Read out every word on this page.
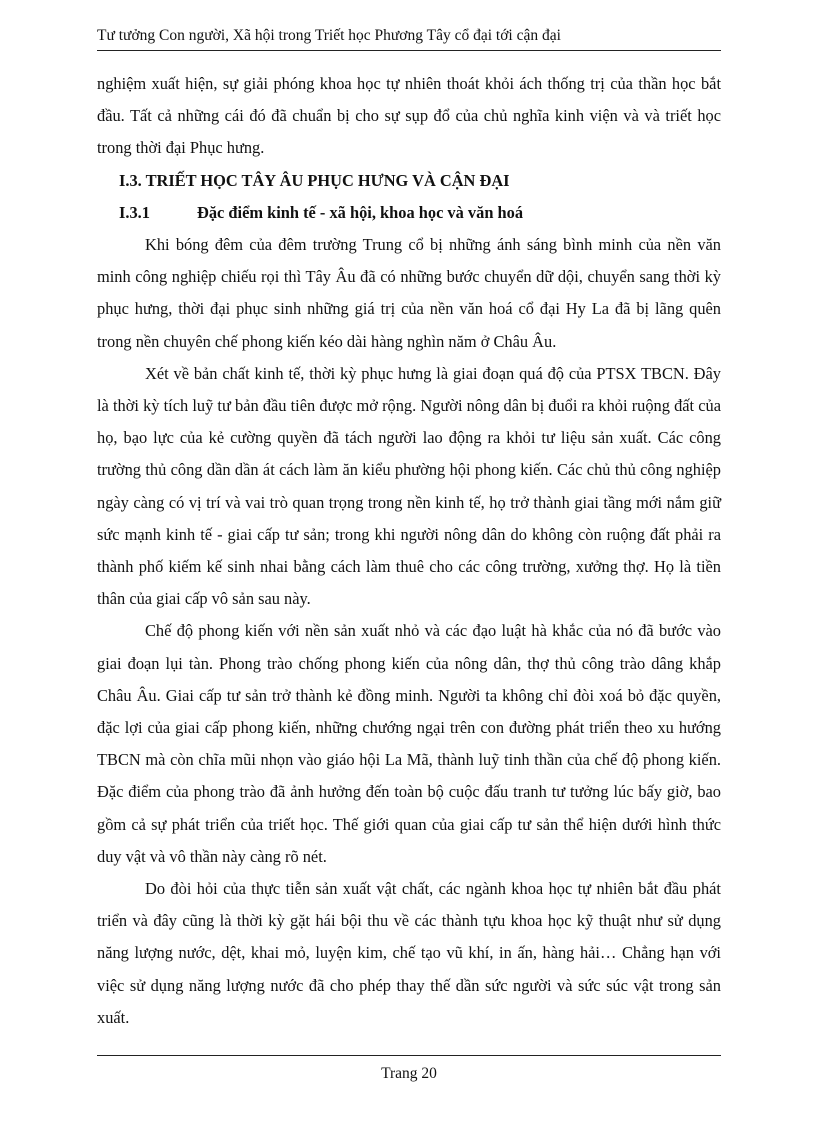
Tư tưởng Con người, Xã hội trong Triết học Phương Tây cổ đại tới cận đại

nghiệm xuất hiện, sự giải phóng khoa học tự nhiên thoát khỏi ách thống trị của thần học bắt đầu. Tất cả những cái đó đã chuẩn bị cho sự sụp đổ của chủ nghĩa kinh viện và và triết học trong thời đại Phục hưng.

I.3. TRIẾT HỌC TÂY ÂU PHỤC HƯNG VÀ CẬN ĐẠI
I.3.1	Đặc điểm kinh tế - xã hội, khoa học và văn hoá

Khi bóng đêm của đêm trường Trung cổ bị những ánh sáng bình minh của nền văn minh công nghiệp chiếu rọi thì Tây Âu đã có những bước chuyển dữ dội, chuyển sang thời kỳ phục hưng, thời đại phục sinh những giá trị của nền văn hoá cổ đại Hy La đã bị lãng quên trong nền chuyên chế phong kiến kéo dài hàng nghìn năm ở Châu Âu.

Xét về bản chất kinh tế, thời kỳ phục hưng là giai đoạn quá độ của PTSX TBCN. Đây là thời kỳ tích luỹ tư bản đầu tiên được mở rộng. Người nông dân bị đuổi ra khỏi ruộng đất của họ, bạo lực của kẻ cường quyền đã tách người lao động ra khỏi tư liệu sản xuất. Các công trường thủ công dần dần át cách làm ăn kiểu phường hội phong kiến. Các chủ thủ công nghiệp ngày càng có vị trí và vai trò quan trọng trong nền kinh tế, họ trở thành giai tầng mới nắm giữ sức mạnh kinh tế - giai cấp tư sản; trong khi người nông dân do không còn ruộng đất phải ra thành phố kiếm kế sinh nhai bằng cách làm thuê cho các công trường, xưởng thợ. Họ là tiền thân của giai cấp vô sản sau này.

Chế độ phong kiến với nền sản xuất nhỏ và các đạo luật hà khắc của nó đã bước vào giai đoạn lụi tàn. Phong trào chống phong kiến của nông dân, thợ thủ công trào dâng khắp Châu Âu. Giai cấp tư sản trở thành kẻ đồng minh. Người ta không chỉ đòi xoá bỏ đặc quyền, đặc lợi của giai cấp phong kiến, những chướng ngại trên con đường phát triển theo xu hướng TBCN mà còn chĩa mũi nhọn vào giáo hội La Mã, thành luỹ tinh thần của chế độ phong kiến. Đặc điểm của phong trào đã ảnh hưởng đến toàn bộ cuộc đấu tranh tư tưởng lúc bấy giờ, bao gồm cả sự phát triển của triết học. Thế giới quan của giai cấp tư sản thể hiện dưới hình thức duy vật và vô thần này càng rõ nét.

Do đòi hỏi của thực tiễn sản xuất vật chất, các ngành khoa học tự nhiên bắt đầu phát triển và đây cũng là thời kỳ gặt hái bội thu về các thành tựu khoa học kỹ thuật như sử dụng năng lượng nước, dệt, khai mỏ, luyện kim, chế tạo vũ khí, in ấn, hàng hải… Chẳng hạn với việc sử dụng năng lượng nước đã cho phép thay thế dần sức người và sức súc vật trong sản xuất.

Trang 20
